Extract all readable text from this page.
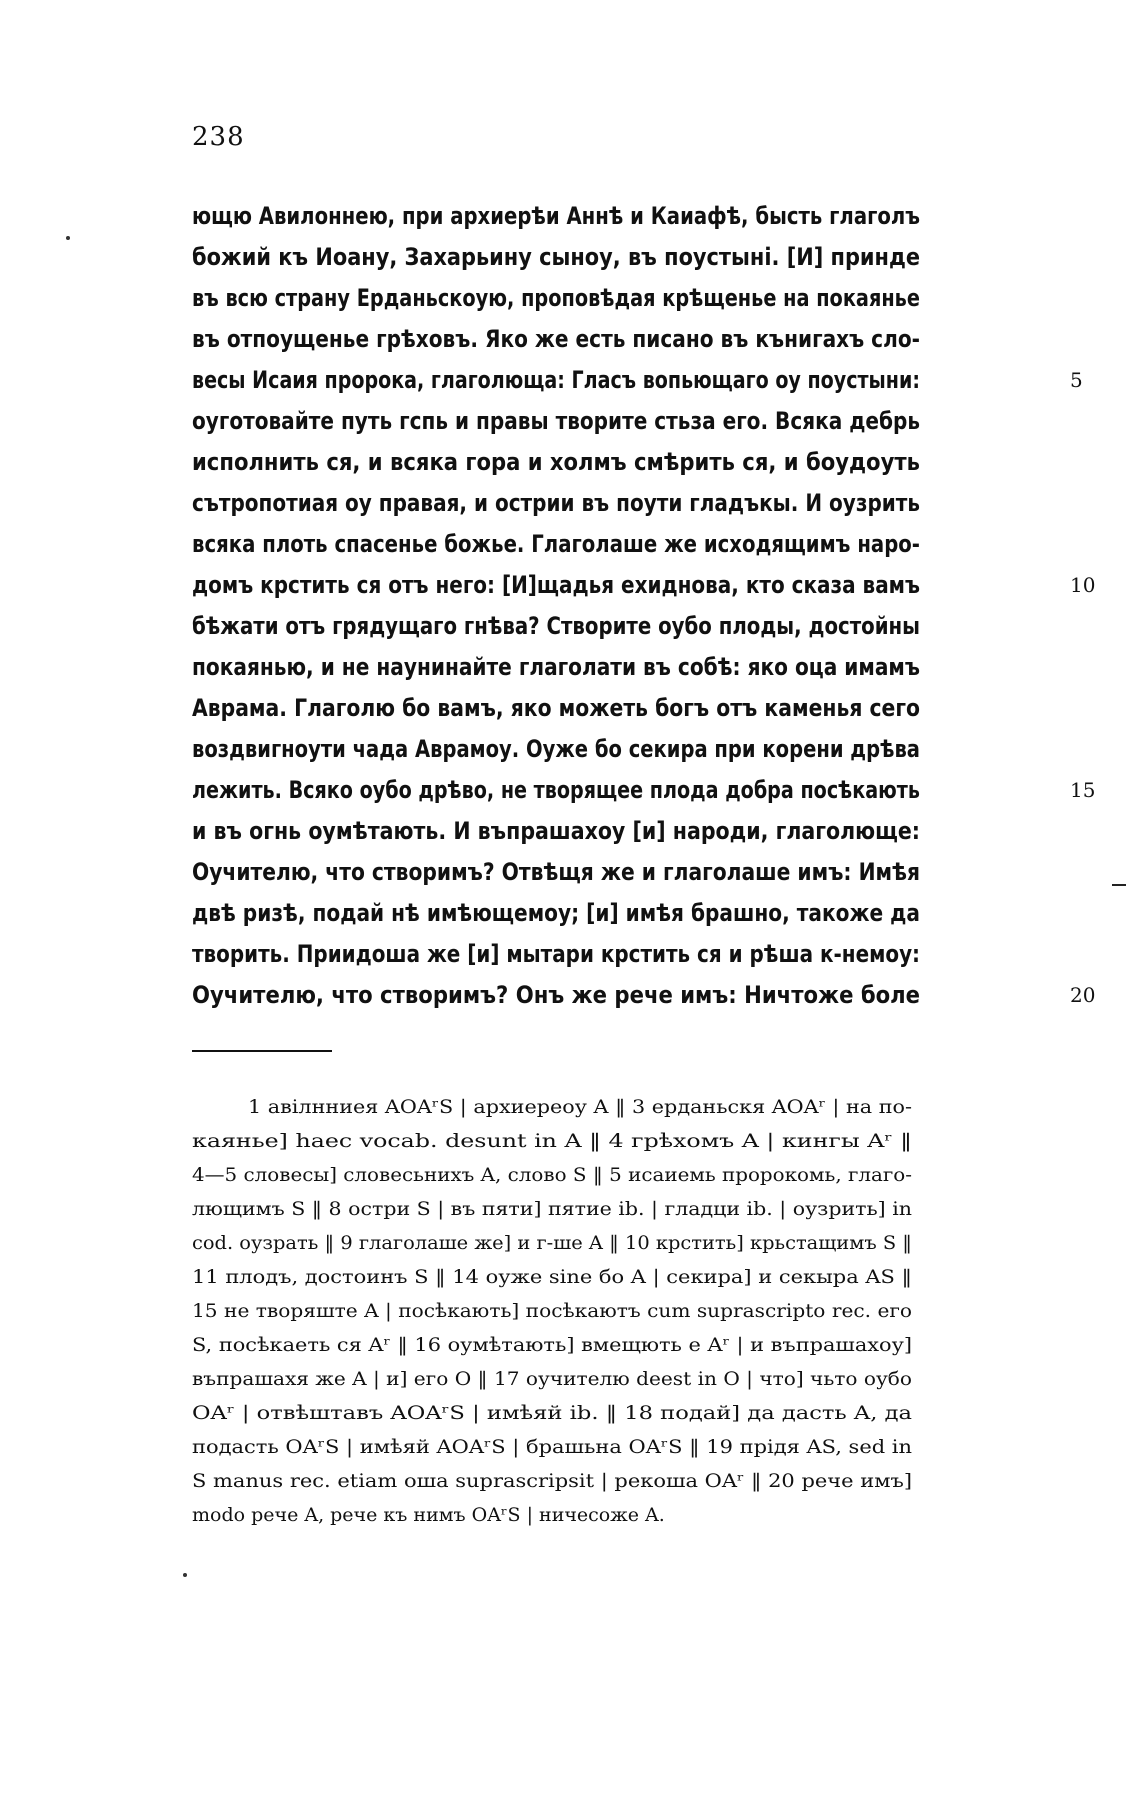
238
ющю Авилоннею, при архиерѣи Аннѣ и Каиафѣ, бысть глаголъ
божий къ Иоану, Захарьину сыноу, въ поустыні. [И] принде
въ всю страну Ерданьскоую, проповѣдая крѣщенье на покаянье
въ отпоущенье грѣховъ. Яко же есть писано въ кънигахъ сло-
весы Исаия пророка, глаголюща: Гласъ вопьющаго оу поустыни:	5
оуготовайте путь гспь и правы творите стьза его. Всяка дебрь
исполнить ся, и всяка гора и холмъ смѣрить ся, и боудоуть
сътропотиая оу правая, и острии въ поути гладъкы. И оузрить
всяка плоть спасенье божье. Глаголаше же исходящимъ наро-
домъ крстить ся отъ него: [И]щадья ехиднова, кто сказа вамъ	10
бѣжати отъ грядущаго гнѣва? Створите оубо плоды, достойны
покаянью, и не наунинайте глаголати въ собѣ: яко оца имамъ
Аврама. Глаголю бо вамъ, яко можеть богъ отъ каменья сего
воздвигноути чада Аврамоу. Оуже бо секира при корени дрѣва
лежить. Всяко оубо дрѣво, не творящее плода добра посѣкають	15
и въ огнь оумѣтають. И въпрашахоу [и] народи, глаголюще:
Оучителю, что створимъ? Отвѣщя же и глаголаше имъ: Имѣя
двѣ ризѣ, подай нѣ имѣющемоу; [и] имѣя брашно, такоже да
творить. Приидоша же [и] мытари крстить ся и рѣша к-немоу:
Оучителю, что створимъ? Онъ же рече имъ: Ничтоже боле	20
1 авілнниея AOAʳS | архиереоу A ‖ 3 ерданьскя AOAʳ | на по-
каянье] haec vocab. desunt in A ‖ 4 грѣхомъ A | кингы Aʳ ‖
4—5 словесы] словесьнихъ A, слово S ‖ 5 исаиемь пророкомь, глаго-
лющимъ S ‖ 8 остри S | въ пяти] пятие ib. | гладци ib. | оузрить] in
cod. оузрать ‖ 9 глаголаше же] и г-ше A ‖ 10 крстить] крьстащимъ S ‖
11 плодъ, достоинъ S ‖ 14 оуже sine бо A | секира] и секыра AS ‖
15 не творяште A | посѣкають] посѣкаютъ cum suprascripto rec. его
S, посѣкаеть ся Aʳ ‖ 16 оумѣтають] вмещють е Aʳ | и въпрашахоу]
въпрашахя же A | и] его O ‖ 17 оучителю deest in O | что] чьто оубо
OAʳ | отвѣштавъ AOAʳS | имѣяй ib. ‖ 18 подай] да дасть A, да
подасть OAʳS | имѣяй AOAʳS | брашьна OAʳS ‖ 19 прідя AS, sed in
S manus rec. etiam оша suprascripsit | рекоша OAʳ ‖ 20 рече имъ]
modo рече A, рече къ нимъ OAʳS | ничесоже A.
